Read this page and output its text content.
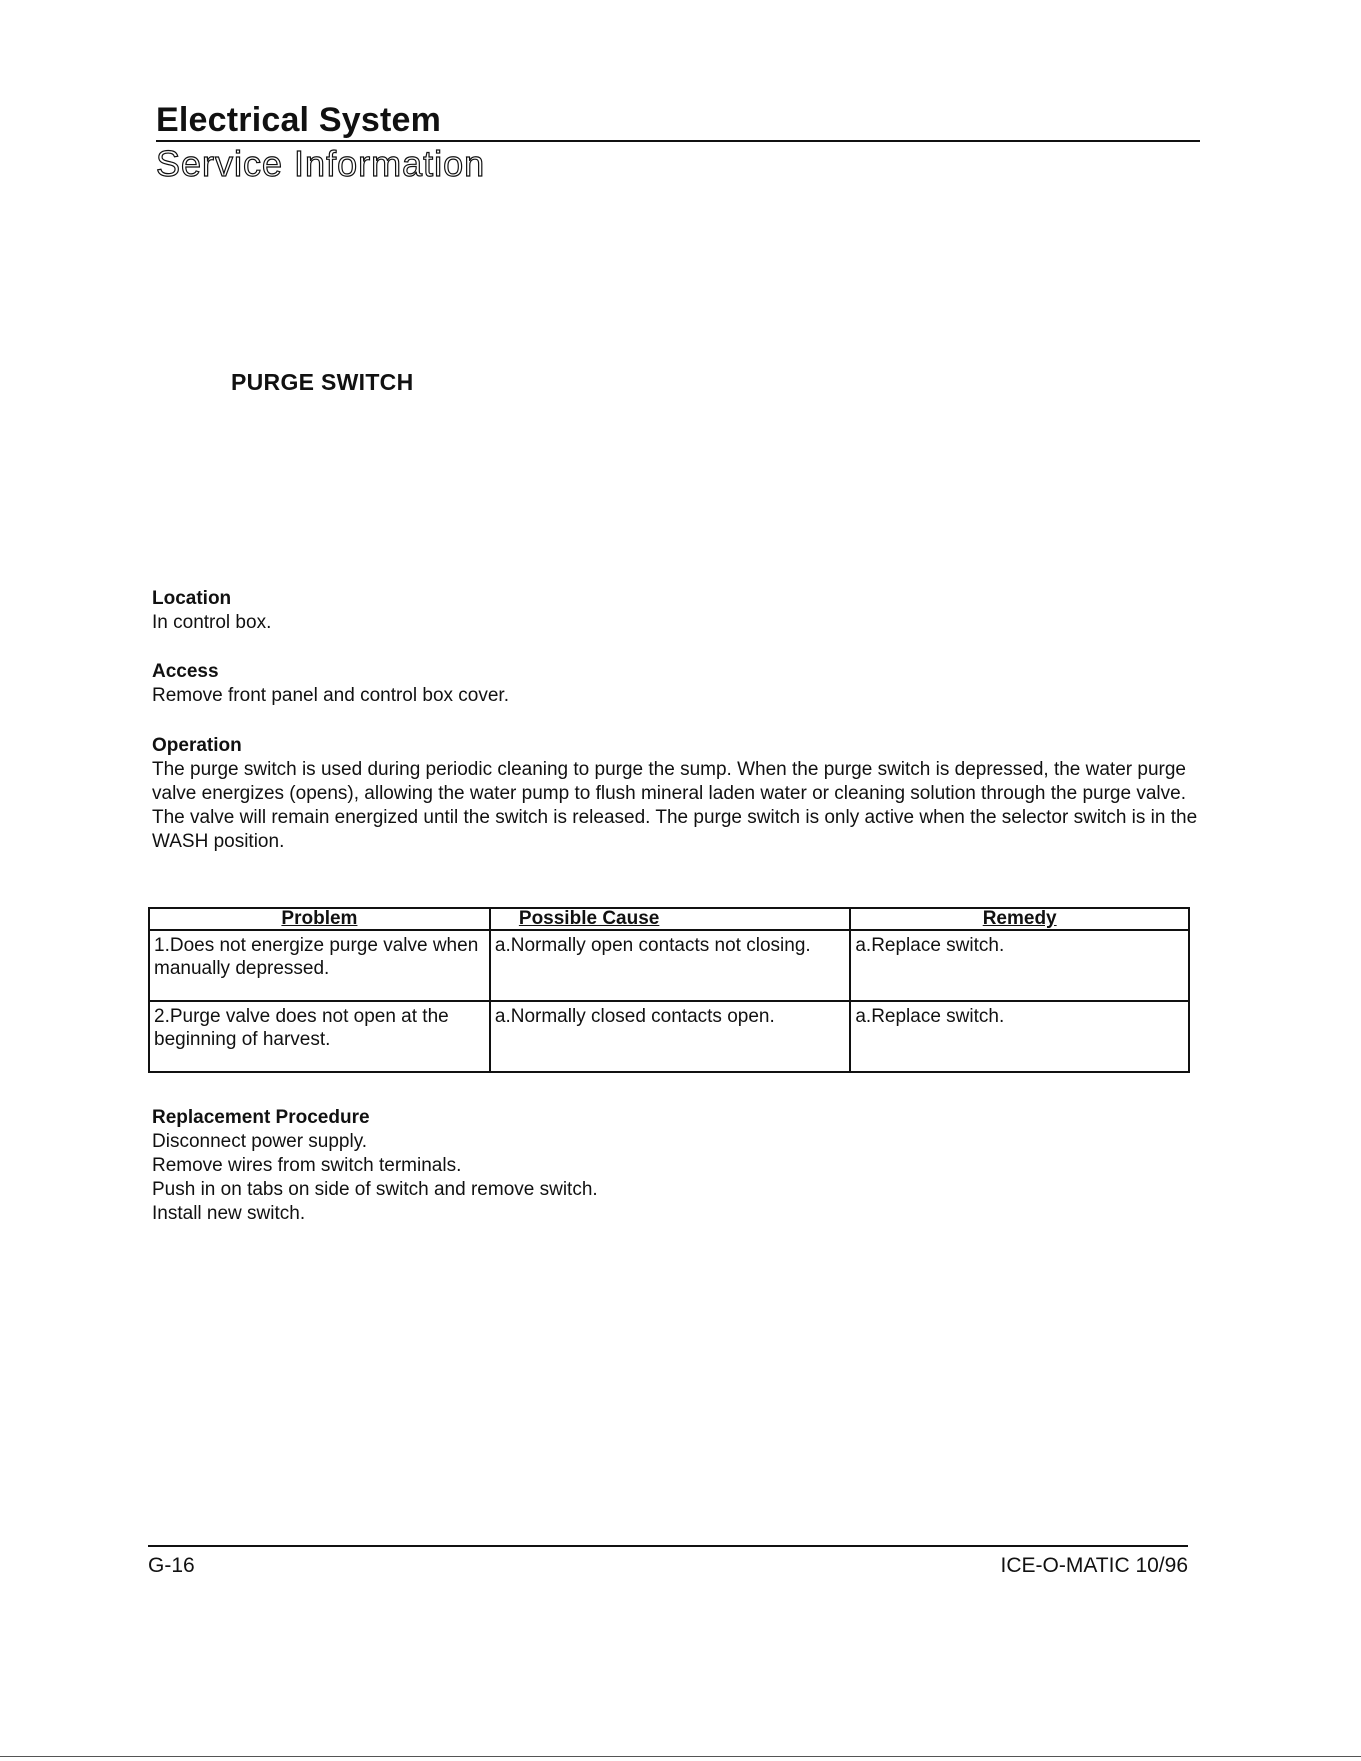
Electrical System
Service Information
PURGE SWITCH
Location
In control box.
Access
Remove front panel and control box cover.
Operation
The purge switch is used during periodic cleaning to purge the sump. When the purge switch is depressed, the water purge valve energizes (opens), allowing the water pump to flush mineral laden water or cleaning solution through the purge valve. The valve will remain energized until the switch is released. The purge switch is only active when the selector switch is in the WASH position.
Problem	Possible Cause	Remedy
1.Does not energize purge valve when manually depressed.	a.Normally open contacts not closing.	a.Replace switch.
2.Purge valve does not open at the beginning of harvest.	a.Normally closed contacts open.	a.Replace switch.
Replacement Procedure
Disconnect power supply.
Remove wires from switch terminals.
Push in on tabs on side of switch and remove switch.
Install new switch.
G-16	ICE-O-MATIC 10/96
